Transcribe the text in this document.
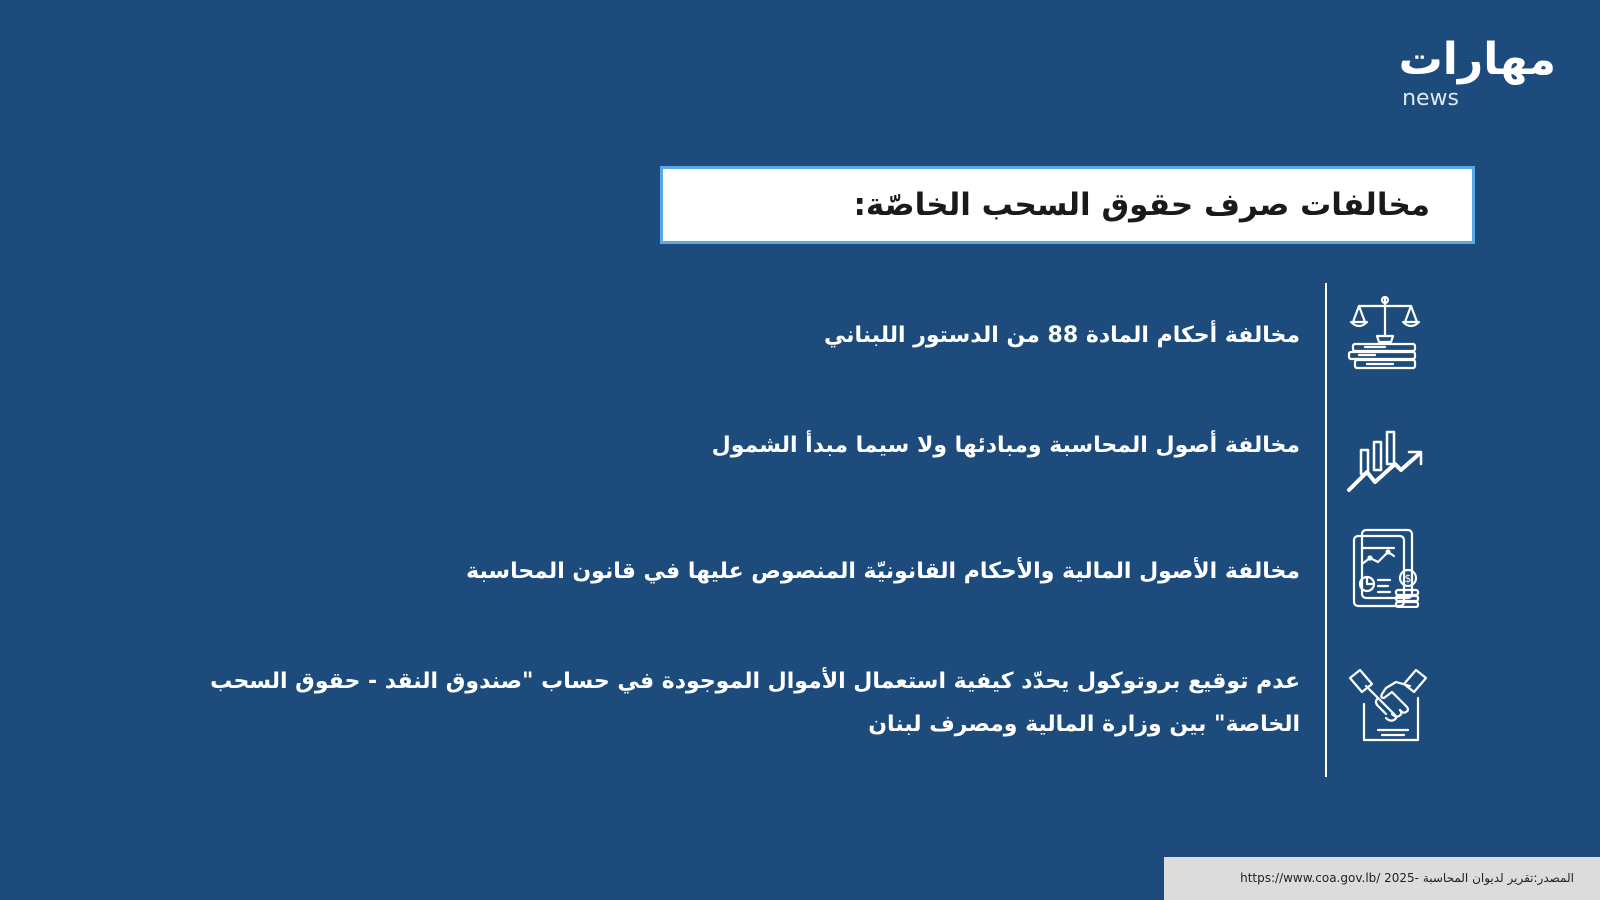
مهارات
news
مخالفات صرف حقوق السحب الخاصّة:
مخالفة أحكام المادة 88 من الدستور اللبناني
مخالفة أصول المحاسبة ومبادئها ولا سيما مبدأ الشمول
$
مخالفة الأصول المالية والأحكام القانونيّة المنصوص عليها في قانون المحاسبة
عدم توقيع بروتوكول يحدّد كيفية استعمال الأموال الموجودة في حساب "صندوق النقد - حقوق السحب الخاصة" بين وزارة المالية ومصرف لبنان
المصدر:تقرير لديوان المحاسبة -2025 /https://www.coa.gov.lb
